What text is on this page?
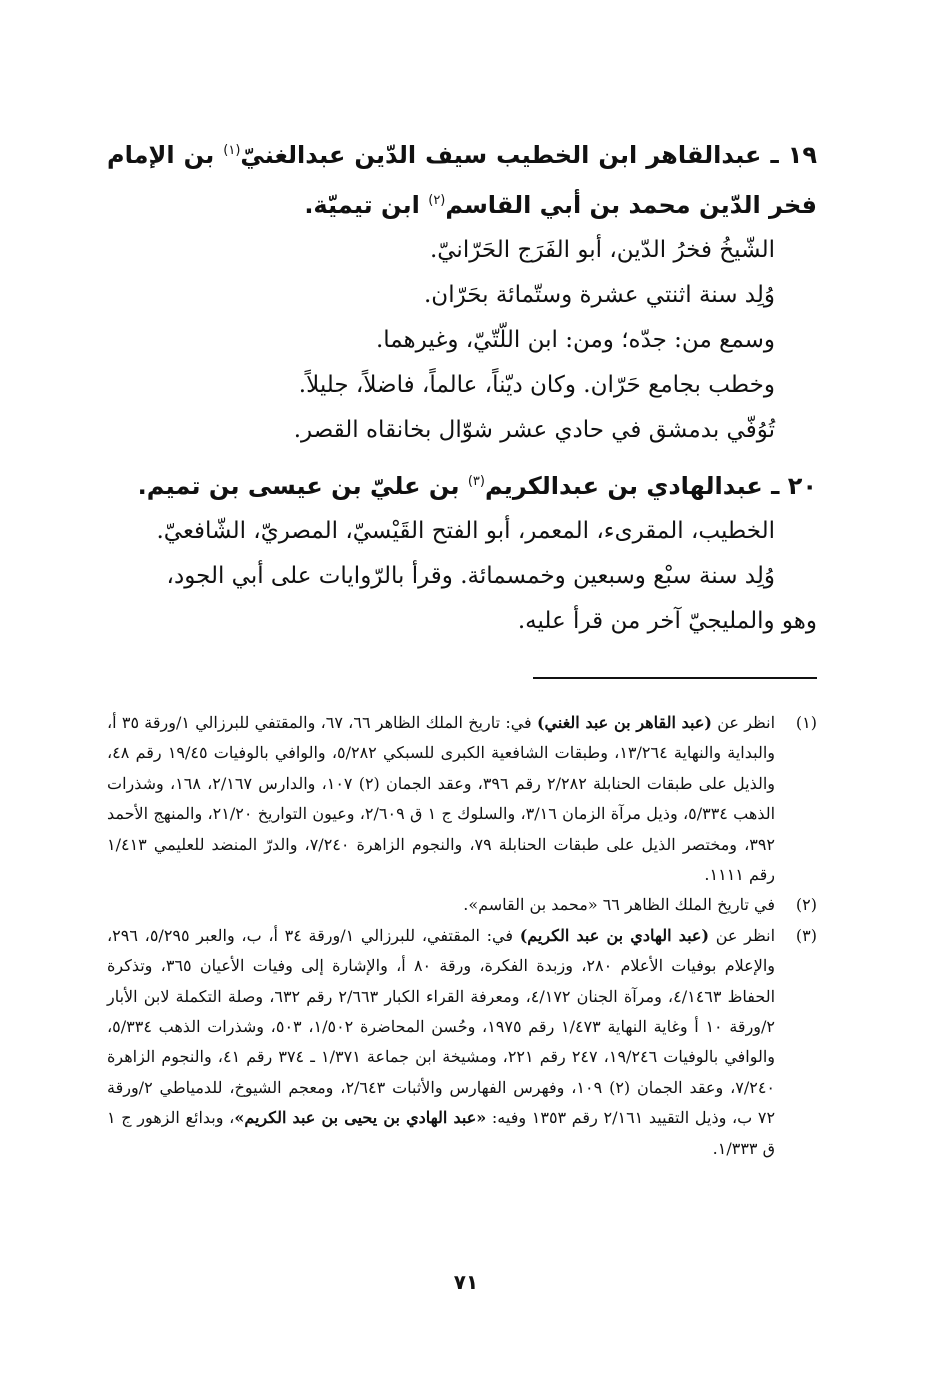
١٩ ـ عبدالقاهر ابن الخطيب سيف الدّين عبدالغنيّ$^{(١)}$ بن الإمام فخر الدّين محمد بن أبي القاسم$^{(٢)}$ ابن تيميّة.

الشّيخُ فخرُ الدّين، أبو الفَرَج الحَرّانيّ.

وُلِد سنة اثنتي عشرة وستّمائة بحَرّان.

وسمع من: جدّه؛ ومن: ابن اللّتّيّ، وغيرهما.

وخطب بجامع حَرّان. وكان ديّناً، عالماً، فاضلاً، جليلاً.

تُوُفّي بدمشق في حادي عشر شوّال بخانقاه القصر.

٢٠ ـ عبدالهادي بن عبدالكريم$^{(٣)}$ بن عليّ بن عيسى بن تميم.

الخطيب، المقرىء، المعمر، أبو الفتح القَيْسيّ، المصريّ، الشّافعيّ.

وُلِد سنة سبْع وسبعين وخمسمائة. وقرأ بالرّوايات على أبي الجود،

وهو والمليجيّ آخر من قرأ عليه.

(١)
انظر عن (عبد القاهر بن عبد الغني) في: تاريخ الملك الظاهر ٦٦، ٦٧، والمقتفي للبرزالي ١/ورقة ٣٥ أ، والبداية والنهاية ١٣/٢٦٤، وطبقات الشافعية الكبرى للسبكي ٥/٢٨٢، والوافي بالوفيات ١٩/٤٥ رقم ٤٨، والذيل على طبقات الحنابلة ٢/٢٨٢ رقم ٣٩٦، وعقد الجمان (٢) ١٠٧، والدارس ٢/١٦٧، ١٦٨، وشذرات الذهب ٥/٣٣٤، وذيل مرآة الزمان ٣/١٦، والسلوك ج ١ ق ٢/٦٠٩، وعيون التواريخ ٢١/٢٠، والمنهج الأحمد ٣٩٢، ومختصر الذيل على طبقات الحنابلة ٧٩، والنجوم الزاهرة ٧/٢٤٠، والدرّ المنضد للعليمي ١/٤١٣ رقم ١١١١.
(٢)
في تاريخ الملك الظاهر ٦٦ «محمد بن القاسم».
(٣)
انظر عن (عبد الهادي بن عبد الكريم) في: المقتفي، للبرزالي ١/ورقة ٣٤ أ، ب، والعبر ٥/٢٩٥، ٢٩٦، والإعلام بوفيات الأعلام ٢٨٠، وزبدة الفكرة، ورقة ٨٠ أ، والإشارة إلى وفيات الأعيان ٣٦٥، وتذكرة الحفاظ ٤/١٤٦٣، ومرآة الجنان ٤/١٧٢، ومعرفة القراء الكبار ٢/٦٦٣ رقم ٦٣٢، وصلة التكملة لابن الأبار ٢/ورقة ١٠ أ وغاية النهاية ١/٤٧٣ رقم ١٩٧٥، وحُسن المحاضرة ١/٥٠٢، ٥٠٣، وشذرات الذهب ٥/٣٣٤، والوافي بالوفيات ١٩/٢٤٦، ٢٤٧ رقم ٢٢١، ومشيخة ابن جماعة ١/٣٧١ ـ ٣٧٤ رقم ٤١، والنجوم الزاهرة ٧/٢٤٠، وعقد الجمان (٢) ١٠٩، وفهرس الفهارس والأثبات ٢/٦٤٣، ومعجم الشيوخ، للدمياطي ٢/ورقة ٧٢ ب، وذيل التقييد ٢/١٦١ رقم ١٣٥٣ وفيه: «عبد الهادي بن يحيى بن عبد الكريم»، وبدائع الزهور ج ١ ق ١/٣٣٣.
٧١
